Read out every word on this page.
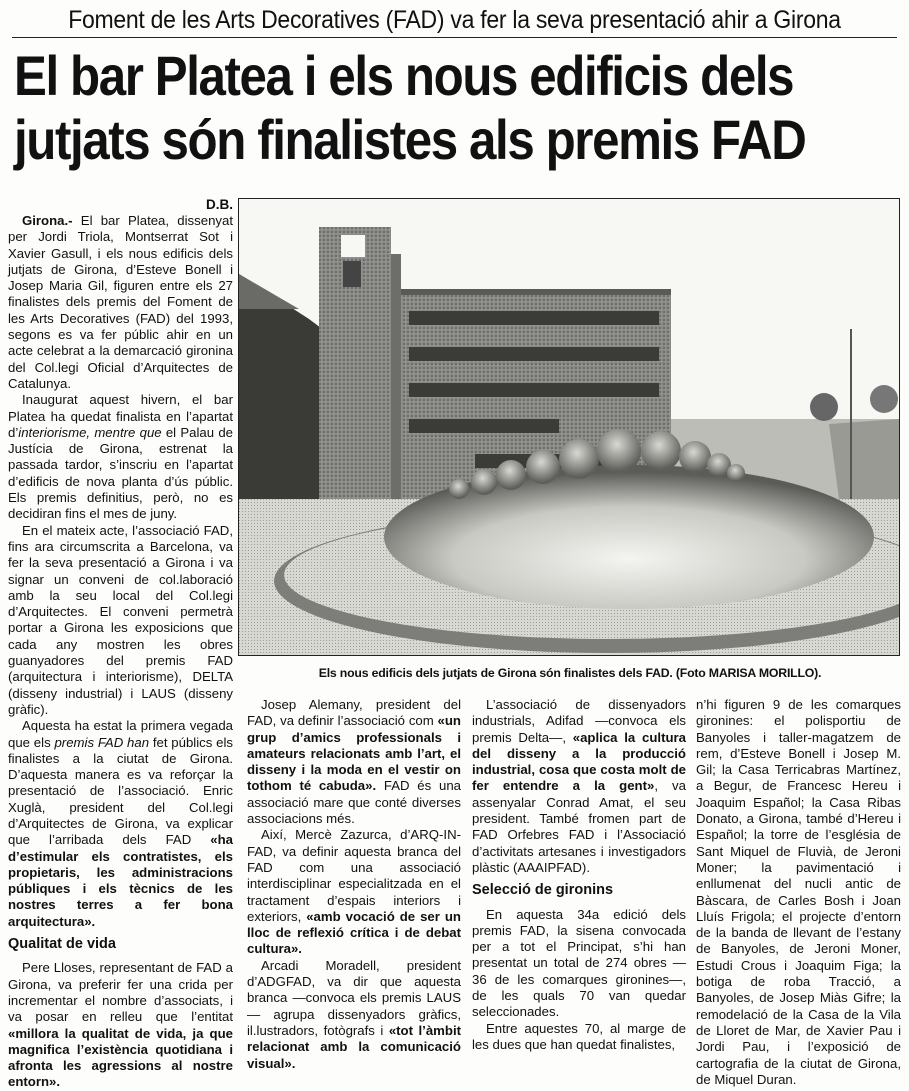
Foment de les Arts Decoratives (FAD) va fer la seva presentació ahir a Girona
El bar Platea i els nous edificis dels
jutjats són finalistes als premis FAD
D.B.

Girona.- El bar Platea, dissenyat per Jordi Triola, Montserrat Sot i Xavier Gasull, i els nous edificis dels jutjats de Girona, d’Esteve Bonell i Josep Maria Gil, figuren entre els 27 finalistes dels premis del Foment de les Arts Decoratives (FAD) del 1993, segons es va fer públic ahir en un acte celebrat a la demarcació gironina del Col.legi Oficial d’Arquitectes de Catalunya.

Inaugurat aquest hivern, el bar Platea ha quedat finalista en l’apartat d’interiorisme, mentre que el Palau de Justícia de Girona, estrenat la passada tardor, s’inscriu en l’apartat d’edificis de nova planta d’ús públic. Els premis definitius, però, no es decidiran fins el mes de juny.

En el mateix acte, l’associació FAD, fins ara circumscrita a Barcelona, va fer la seva presentació a Girona i va signar un conveni de col.laboració amb la seu local del Col.legi d’Arquitectes. El conveni permetrà portar a Girona les exposicions que cada any mostren les obres guanyadores del premis FAD (arquitectura i interiorisme), DELTA (disseny industrial) i LAUS (disseny gràfic).

Aquesta ha estat la primera vegada que els premis FAD han fet públics els finalistes a la ciutat de Girona. D’aquesta manera es va reforçar la presentació de l’associació. Enric Xuglà, president del Col.legi d’Arquitectes de Girona, va explicar que l’arribada dels FAD «ha d’estimular els contratistes, els propietaris, les administracions públiques i els tècnics de les nostres terres a fer bona arquitectura».

Qualitat de vida

Pere Lloses, representant de FAD a Girona, va preferir fer una crida per incrementar el nombre d’associats, i va posar en relleu que l’entitat «millora la qualitat de vida, ja que magnifica l’existència quotidiana i afronta les agressions al nostre entorn».

Els nous edificis dels jutjats de Girona són finalistes dels FAD. (Foto MARISA MORILLO).

Josep Alemany, president del FAD, va definir l’associació com «un grup d’amics professionals i amateurs relacionats amb l’art, el disseny i la moda en el vestir on tothom té cabuda». FAD és una associació mare que conté diverses associacions més.

Així, Mercè Zazurca, d’ARQ-IN-FAD, va definir aquesta branca del FAD com una associació interdisciplinar especialitzada en el tractament d’espais interiors i exteriors, «amb vocació de ser un lloc de reflexió crítica i de debat cultura».

Arcadi Moradell, president d’ADGFAD, va dir que aquesta branca —convoca els premis LAUS— agrupa dissenyadors gràfics, il.lustradors, fotògrafs i «tot l’àmbit relacionat amb la comunicació visual».

L’associació de dissenyadors industrials, Adifad —convoca els premis Delta—, «aplica la cultura del disseny a la producció industrial, cosa que costa molt de fer entendre a la gent», va assenyalar Conrad Amat, el seu president. També fromen part de FAD Orfebres FAD i l’Associació d’activitats artesanes i investigadors plàstic (AAAIPFAD).

Selecció de gironins

En aquesta 34a edició dels premis FAD, la sisena convocada per a tot el Principat, s’hi han presentat un total de 274 obres —36 de les comarques gironines—, de les quals 70 van quedar seleccionades.

Entre aquestes 70, al marge de les dues que han quedat finalistes,

n’hi figuren 9 de les comarques gironines: el polisportiu de Banyoles i taller-magatzem de rem, d’Esteve Bonell i Josep M. Gil; la Casa Terricabras Martínez, a Begur, de Francesc Hereu i Joaquim Español; la Casa Ribas Donato, a Girona, també d’Hereu i Español; la torre de l’església de Sant Miquel de Fluvià, de Jeroni Moner; la pavimentació i enllumenat del nucli antic de Bàscara, de Carles Bosh i Joan Lluís Frigola; el projecte d’entorn de la banda de llevant de l’estany de Banyoles, de Jeroni Moner, Estudi Crous i Joaquim Figa; la botiga de roba Tracció, a Banyoles, de Josep Miàs Gifre; la remodelació de la Casa de la Vila de Lloret de Mar, de Xavier Pau i Jordi Pau, i l’exposició de cartografia de la ciutat de Girona, de Miquel Duran.
